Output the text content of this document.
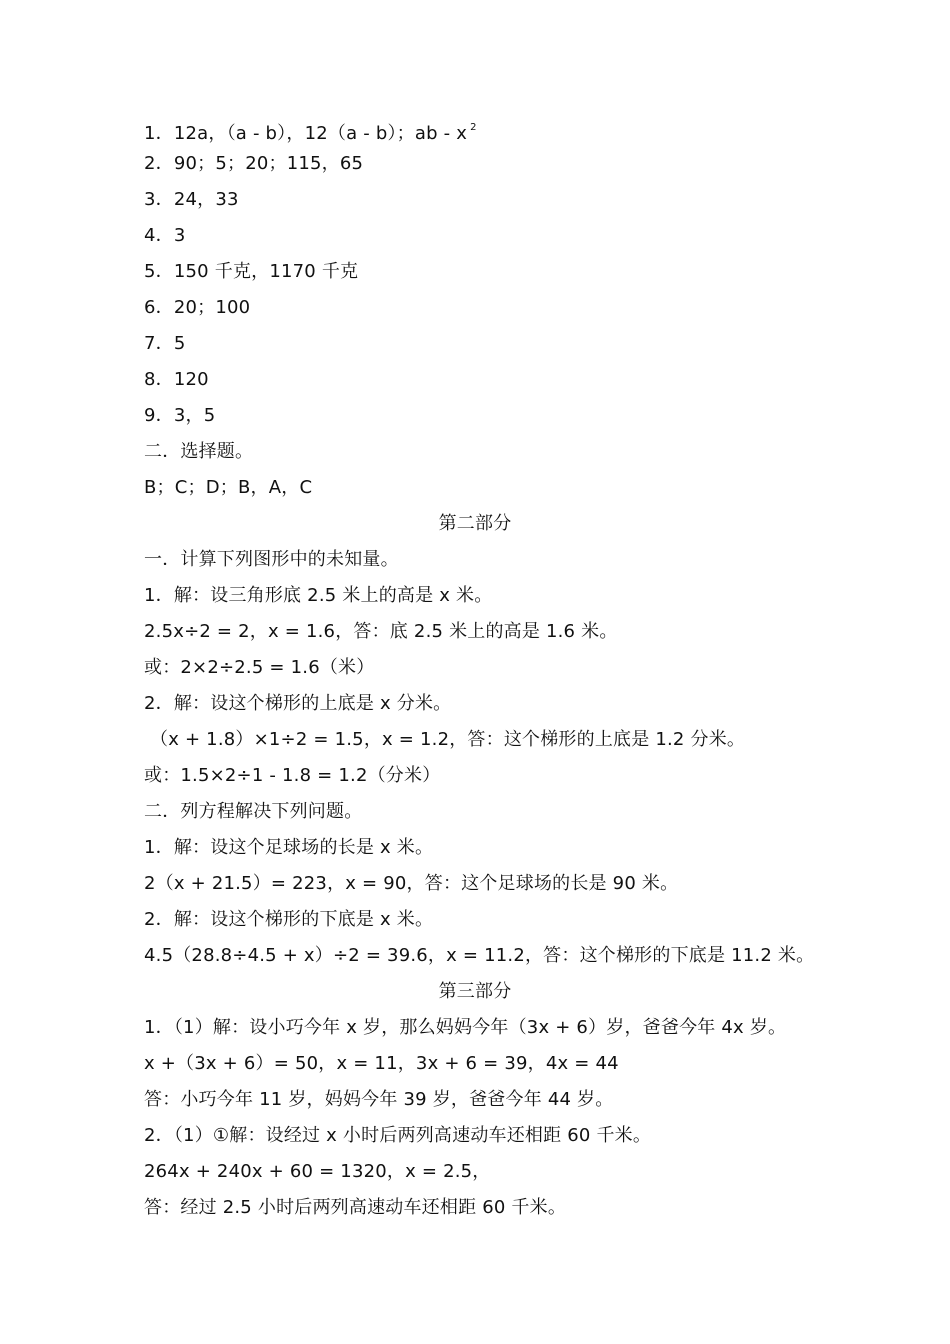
1．12a，（a - b），12（a - b）；ab - x $^2$
2．90；5；20；115，65
3．24，33
4．3
5．150 千克，1170 千克
6．20；100
7．5
8．120
9．3，5
二．选择题。
B；C；D；B，A，C
第二部分
一．计算下列图形中的未知量。
1．解：设三角形底 2.5 米上的高是 x 米。
2.5x÷2 = 2，x = 1.6，答：底 2.5 米上的高是 1.6 米。
或：2×2÷2.5 = 1.6（米）
2．解：设这个梯形的上底是 x 分米。
（x + 1.8）×1÷2 = 1.5，x = 1.2，答：这个梯形的上底是 1.2 分米。
或：1.5×2÷1 - 1.8 = 1.2（分米）
二．列方程解决下列问题。
1．解：设这个足球场的长是 x 米。
2（x + 21.5）= 223，x = 90，答：这个足球场的长是 90 米。
2．解：设这个梯形的下底是 x 米。
4.5（28.8÷4.5 + x）÷2 = 39.6，x = 11.2，答：这个梯形的下底是 11.2 米。
第三部分
1．（1）解：设小巧今年 x 岁，那么妈妈今年（3x + 6）岁，爸爸今年 4x 岁。
x +（3x + 6）= 50，x = 11，3x + 6 = 39，4x = 44
答：小巧今年 11 岁，妈妈今年 39 岁，爸爸今年 44 岁。
2．（1）①解：设经过 x 小时后两列高速动车还相距 60 千米。
264x + 240x + 60 = 1320，x = 2.5，
答：经过 2.5 小时后两列高速动车还相距 60 千米。
